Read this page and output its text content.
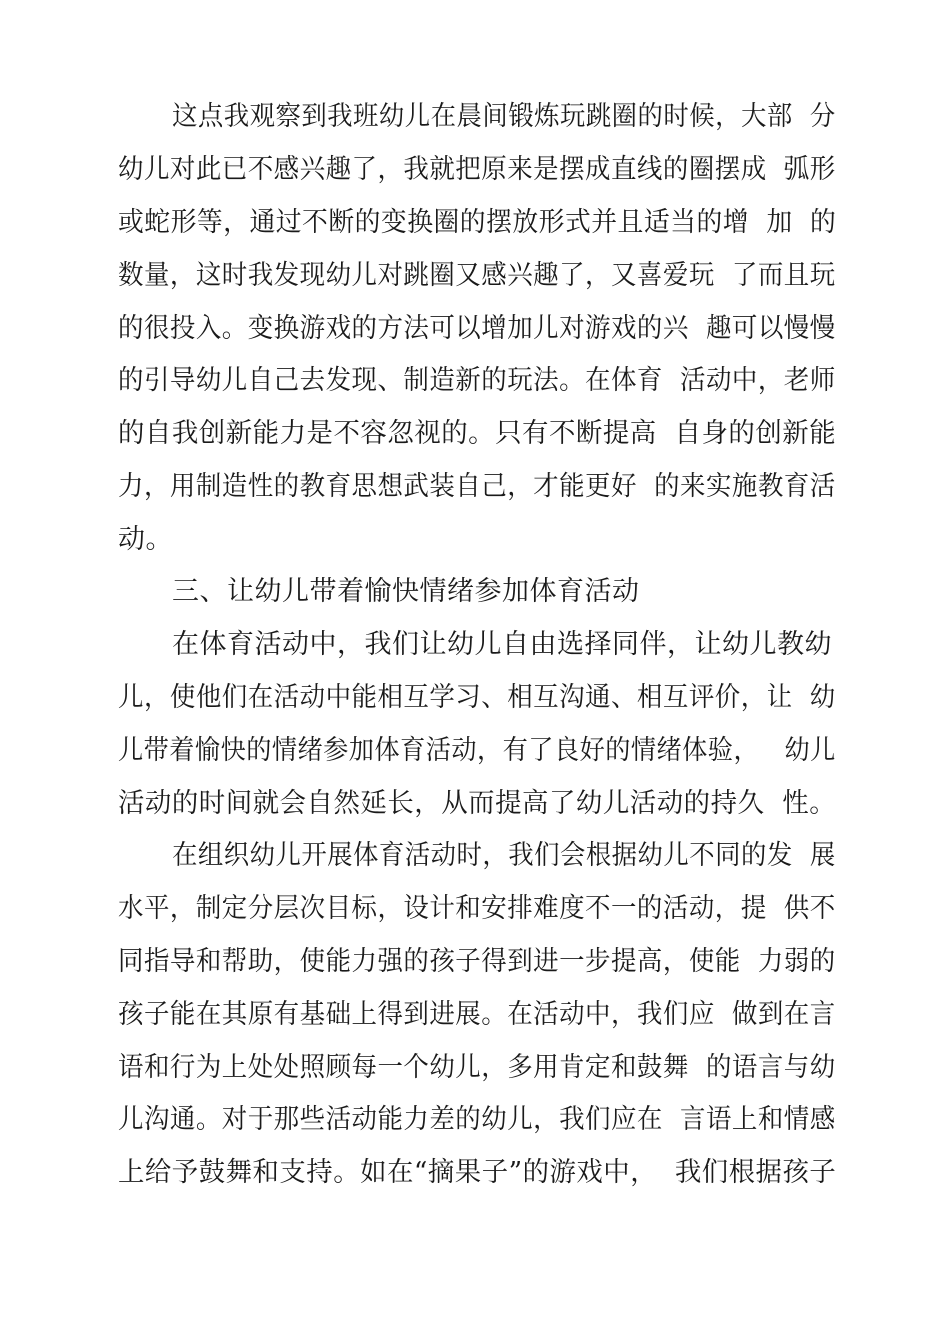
这点我观察到我班幼儿在晨间锻炼玩跳圈的时候，大部  分
幼儿对此已不感兴趣了，我就把原来是摆成直线的圈摆成  弧形
或蛇形等，通过不断的变换圈的摆放形式并且适当的增  加  的
数量，这时我发现幼儿对跳圈又感兴趣了，又喜爱玩  了而且玩
的很投入。变换游戏的方法可以增加儿对游戏的兴  趣可以慢慢
的引导幼儿自己去发现、制造新的玩法。在体育  活动中，老师
的自我创新能力是不容忽视的。只有不断提高  自身的创新能
力，用制造性的教育思想武装自己，才能更好  的来实施教育活
动。
三、让幼儿带着愉快情绪参加体育活动
在体育活动中，我们让幼儿自由选择同伴，让幼儿教幼
儿，使他们在活动中能相互学习、相互沟通、相互评价，让  幼
儿带着愉快的情绪参加体育活动，有了良好的情绪体验，   幼儿
活动的时间就会自然延长，从而提高了幼儿活动的持久  性。
在组织幼儿开展体育活动时，我们会根据幼儿不同的发  展
水平，制定分层次目标，设计和安排难度不一的活动，提  供不
同指导和帮助，使能力强的孩子得到进一步提高，使能  力弱的
孩子能在其原有基础上得到进展。在活动中，我们应  做到在言
语和行为上处处照顾每一个幼儿，多用肯定和鼓舞  的语言与幼
儿沟通。对于那些活动能力差的幼儿，我们应在  言语上和情感
上给予鼓舞和支持。如在“摘果子”的游戏中，  我们根据孩子
